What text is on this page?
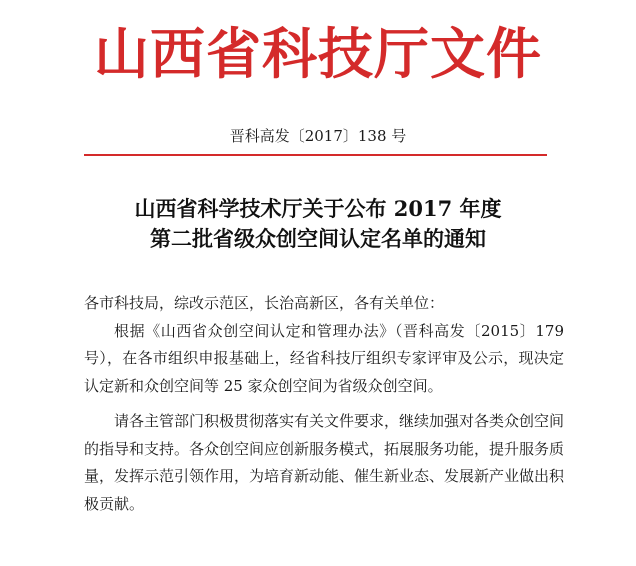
山西省科技厅文件
晋科高发〔2017〕138 号
山西省科学技术厅关于公布 2017 年度
第二批省级众创空间认定名单的通知

各市科技局，综改示范区，长治高新区，各有关单位：

根据《山西省众创空间认定和管理办法》（晋科高发〔2015〕179 号），在各市组织申报基础上，经省科技厅组织专家评审及公示，现决定认定新和众创空间等 25 家众创空间为省级众创空间。

请各主管部门积极贯彻落实有关文件要求，继续加强对各类众创空间的指导和支持。各众创空间应创新服务模式，拓展服务功能，提升服务质量，发挥示范引领作用，为培育新动能、催生新业态、发展新产业做出积极贡献。
